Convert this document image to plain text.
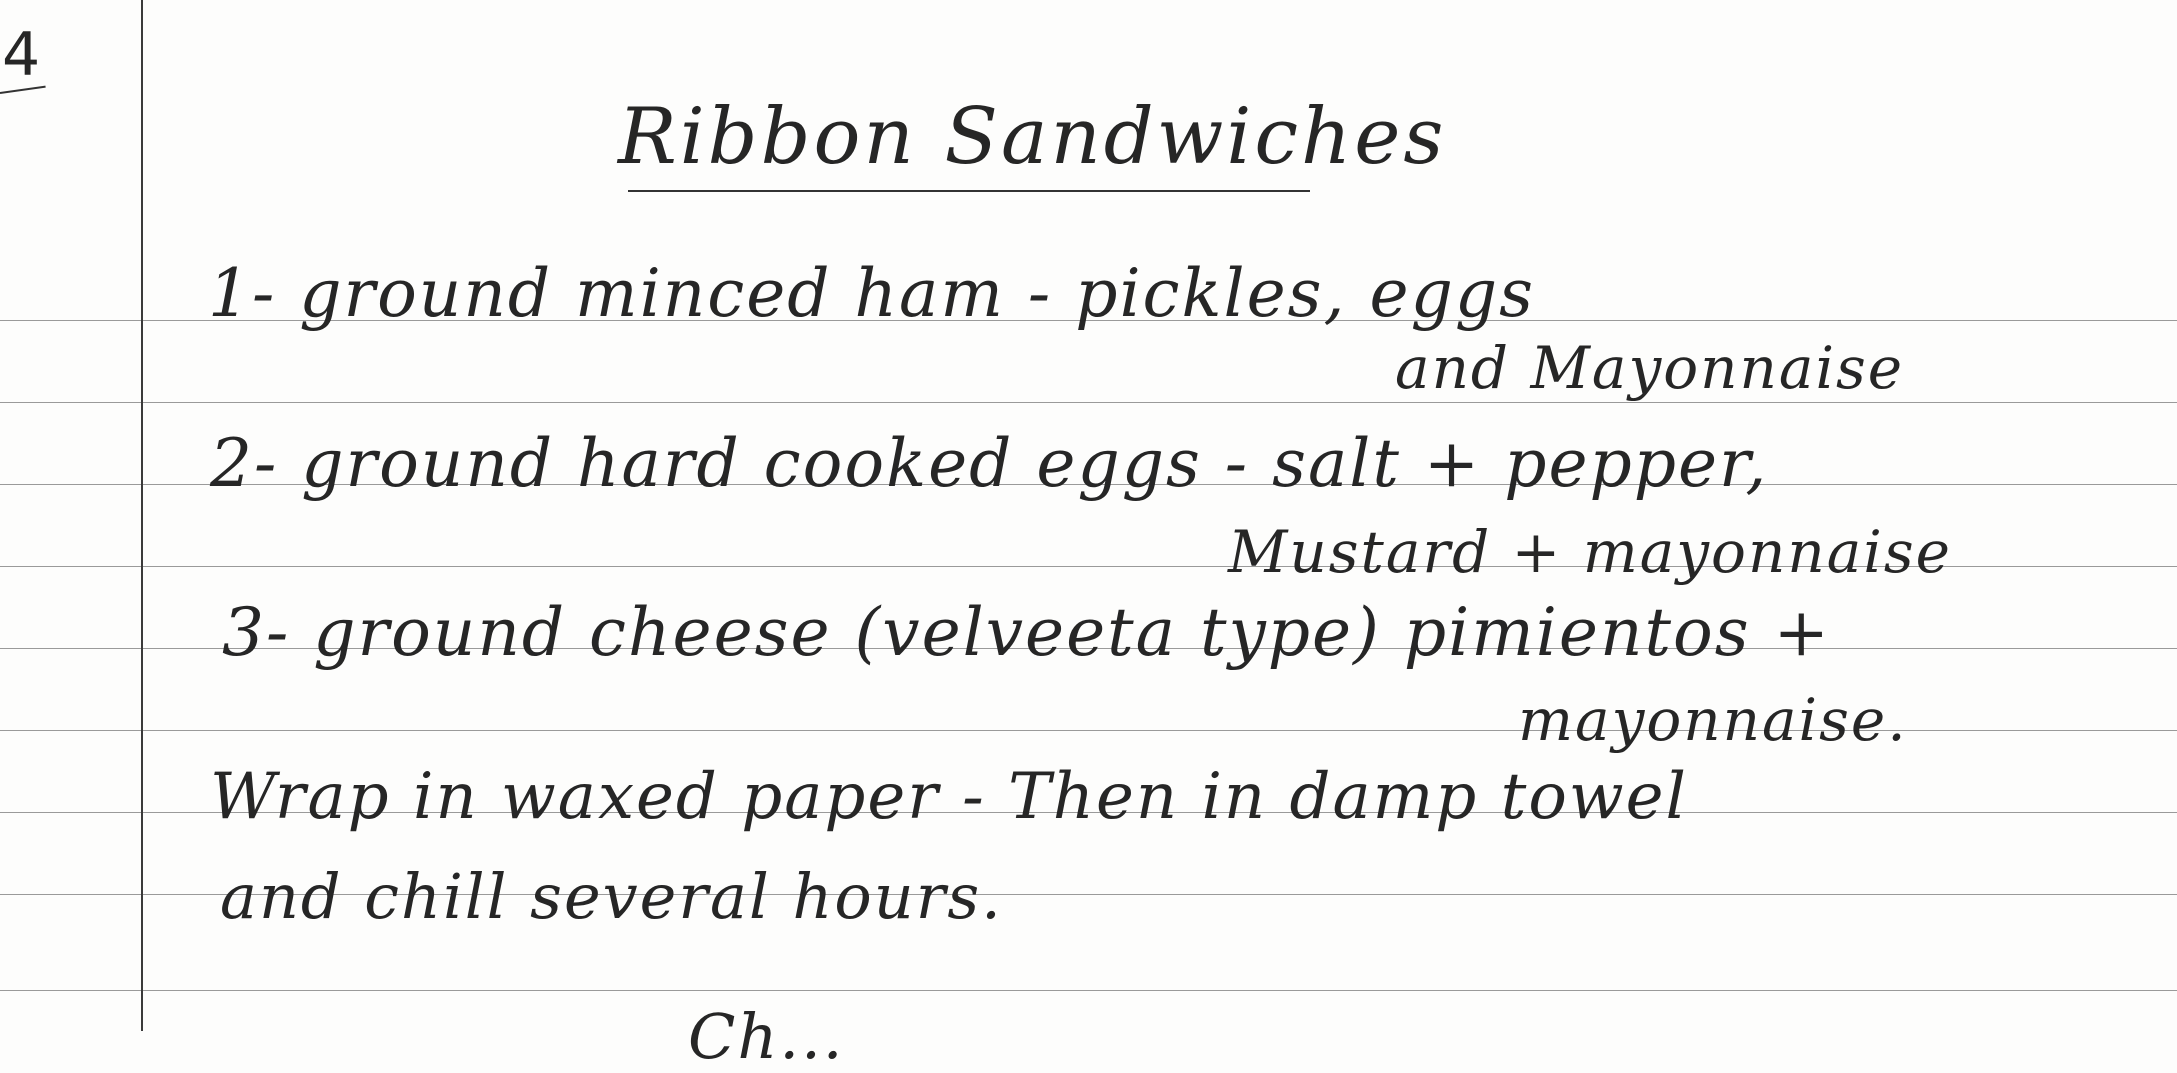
4
Ribbon Sandwiches
1- ground minced ham - pickles, eggs
and Mayonnaise
2- ground hard cooked eggs - salt + pepper,
Mustard + mayonnaise
3- ground cheese (velveeta type) pimientos +
mayonnaise.
Wrap in waxed paper - Then in damp towel
and chill several hours.
Ch...
